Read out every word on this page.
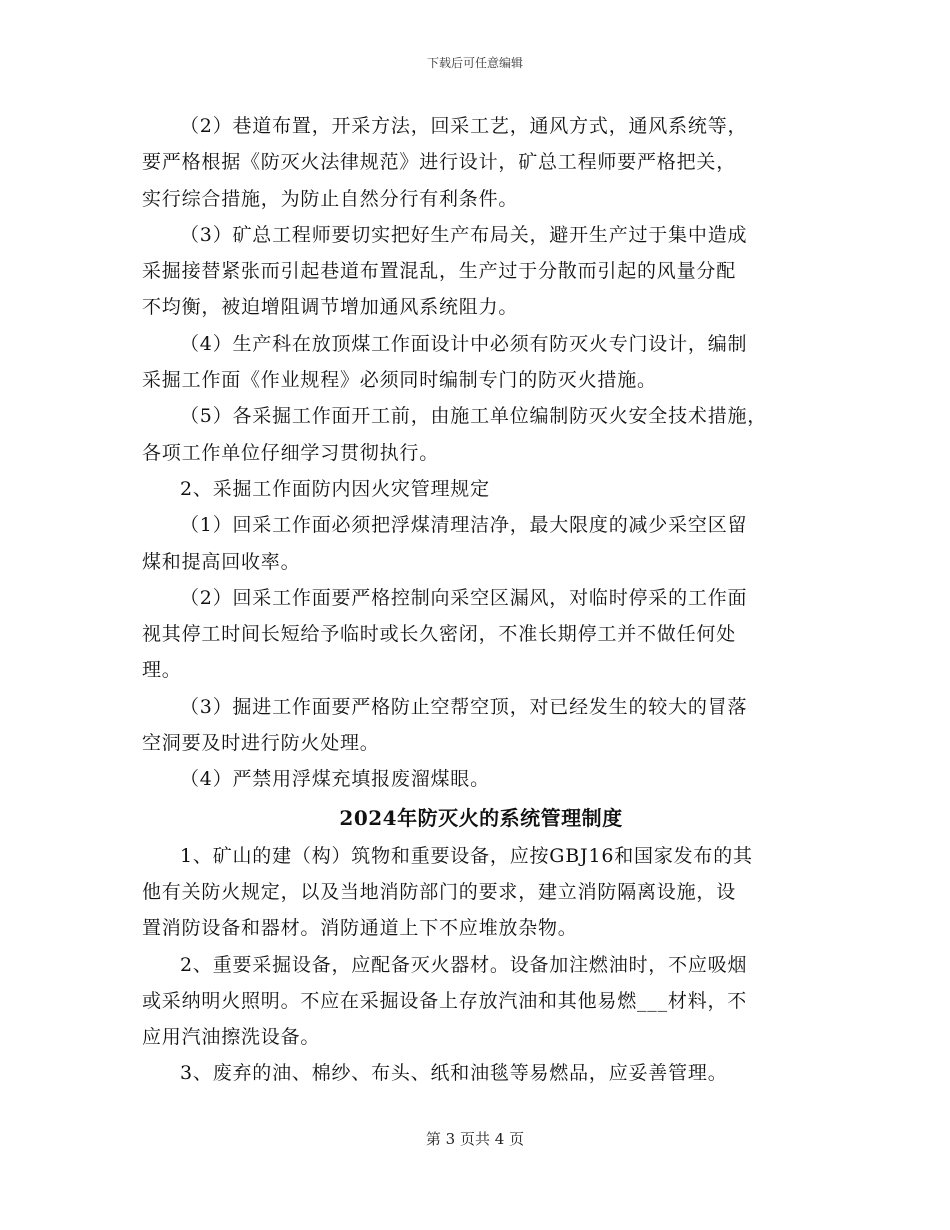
下载后可任意编辑

（2）巷道布置，开采方法，回采工艺，通风方式，通风系统等，
要严格根据《防灭火法律规范》进行设计，矿总工程师要严格把关，
实行综合措施，为防止自然分行有利条件。

（3）矿总工程师要切实把好生产布局关，避开生产过于集中造成
采掘接替紧张而引起巷道布置混乱，生产过于分散而引起的风量分配
不均衡，被迫增阻调节增加通风系统阻力。

（4）生产科在放顶煤工作面设计中必须有防灭火专门设计，编制
采掘工作面《作业规程》必须同时编制专门的防灭火措施。

（5）各采掘工作面开工前，由施工单位编制防灭火安全技术措施，
各项工作单位仔细学习贯彻执行。

2、采掘工作面防内因火灾管理规定

（1）回采工作面必须把浮煤清理洁净，最大限度的减少采空区留
煤和提高回收率。

（2）回采工作面要严格控制向采空区漏风，对临时停采的工作面
视其停工时间长短给予临时或长久密闭，不准长期停工并不做任何处
理。

（3）掘进工作面要严格防止空帮空顶，对已经发生的较大的冒落
空洞要及时进行防火处理。

（4）严禁用浮煤充填报废溜煤眼。

2024年防灭火的系统管理制度

1、矿山的建（构）筑物和重要设备，应按GBJ16和国家发布的其
他有关防火规定，以及当地消防部门的要求，建立消防隔离设施，设
置消防设备和器材。消防通道上下不应堆放杂物。

2、重要采掘设备，应配备灭火器材。设备加注燃油时，不应吸烟
或采纳明火照明。不应在采掘设备上存放汽油和其他易燃___材料，不
应用汽油擦洗设备。

3、废弃的油、棉纱、布头、纸和油毯等易燃品，应妥善管理。

第 3 页共 4 页
